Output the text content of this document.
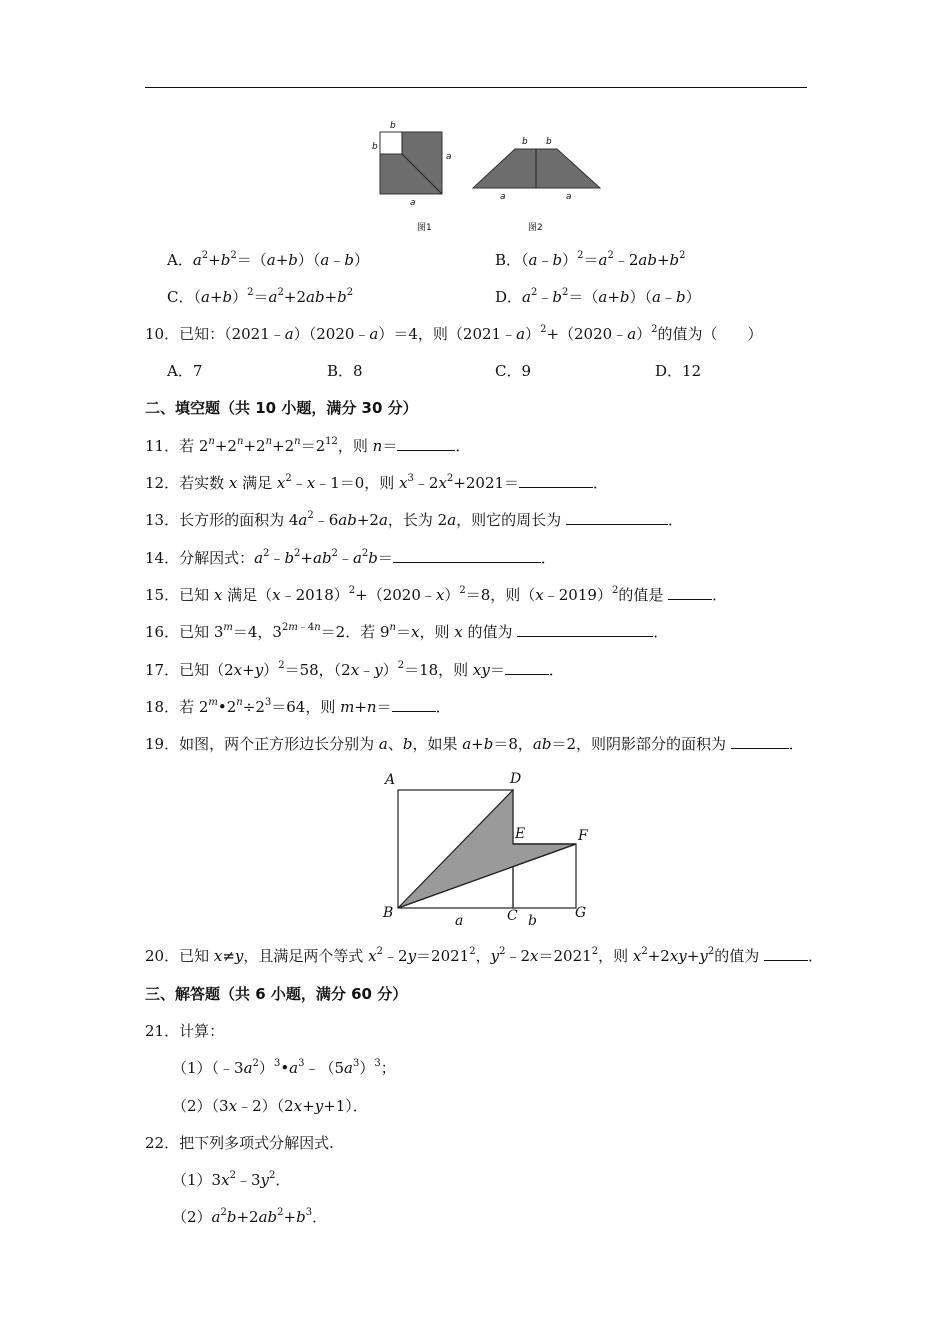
b
b
a
a
图1
b b
a	a
图2
A．$a^2+b^2=(a+b)(a﹣b)$	B．$(a﹣b)^2=a^2﹣2ab+b^2$
C．$(a+b)^2=a^2+2ab+b^2$	D．$a^2﹣b^2=(a+b)(a﹣b)$
10．已知：（2021﹣a）（2020﹣a）＝4，则（2021﹣a）$^2$+（2020﹣a）$^2$的值为（　　）
A．7	B．8	C．9	D．12
二、填空题（共 10 小题，满分 30 分）
11．若 $2^n+2^n+2^n+2^n=2^{12}$，则 n＝	．
12．若实数 x 满足 $x^2﹣x﹣1=0$，则 $x^3﹣2x^2+2021=$	．
13．长方形的面积为 $4a^2﹣6ab+2a$，长为 2a，则它的周长为	．
14．分解因式：$a^2﹣b^2+ab^2﹣a^2b=$	．
15．已知 x 满足（x﹣2018）$^2$+（2020﹣x）$^2$＝8，则（x﹣2019）$^2$的值是	．
16．已知 $3^m=4$，$3^{2m﹣4n}=2$．若 $9^n=x$，则 x 的值为	．
17．已知$(2x+y)^2=58$，（2x﹣y）$^2$＝18，则 xy＝	．
18．若 $2^m•2^n\div 2^3=64$，则 m+n＝	．
19．如图，两个正方形边长分别为 a、b，如果 a+b＝8，ab＝2，则阴影部分的面积为	．
A	D
E	F
B	C	G
a	b
20．已知 x≠y，且满足两个等式 $x^2﹣2y=2021^2$，$y^2﹣2x=2021^2$，则 $x^2+2xy+y^2$的值为	．
三、解答题（共 6 小题，满分 60 分）
21．计算：
$(1)(﹣3a^2)^3•a^3﹣(5a^3)^3$；
（2）（3x﹣2）（2x+y+1）．
22．把下列多项式分解因式.
$(1)3x^2﹣3y^2$．
$(2)a^2b+2ab^2+b^3$．
